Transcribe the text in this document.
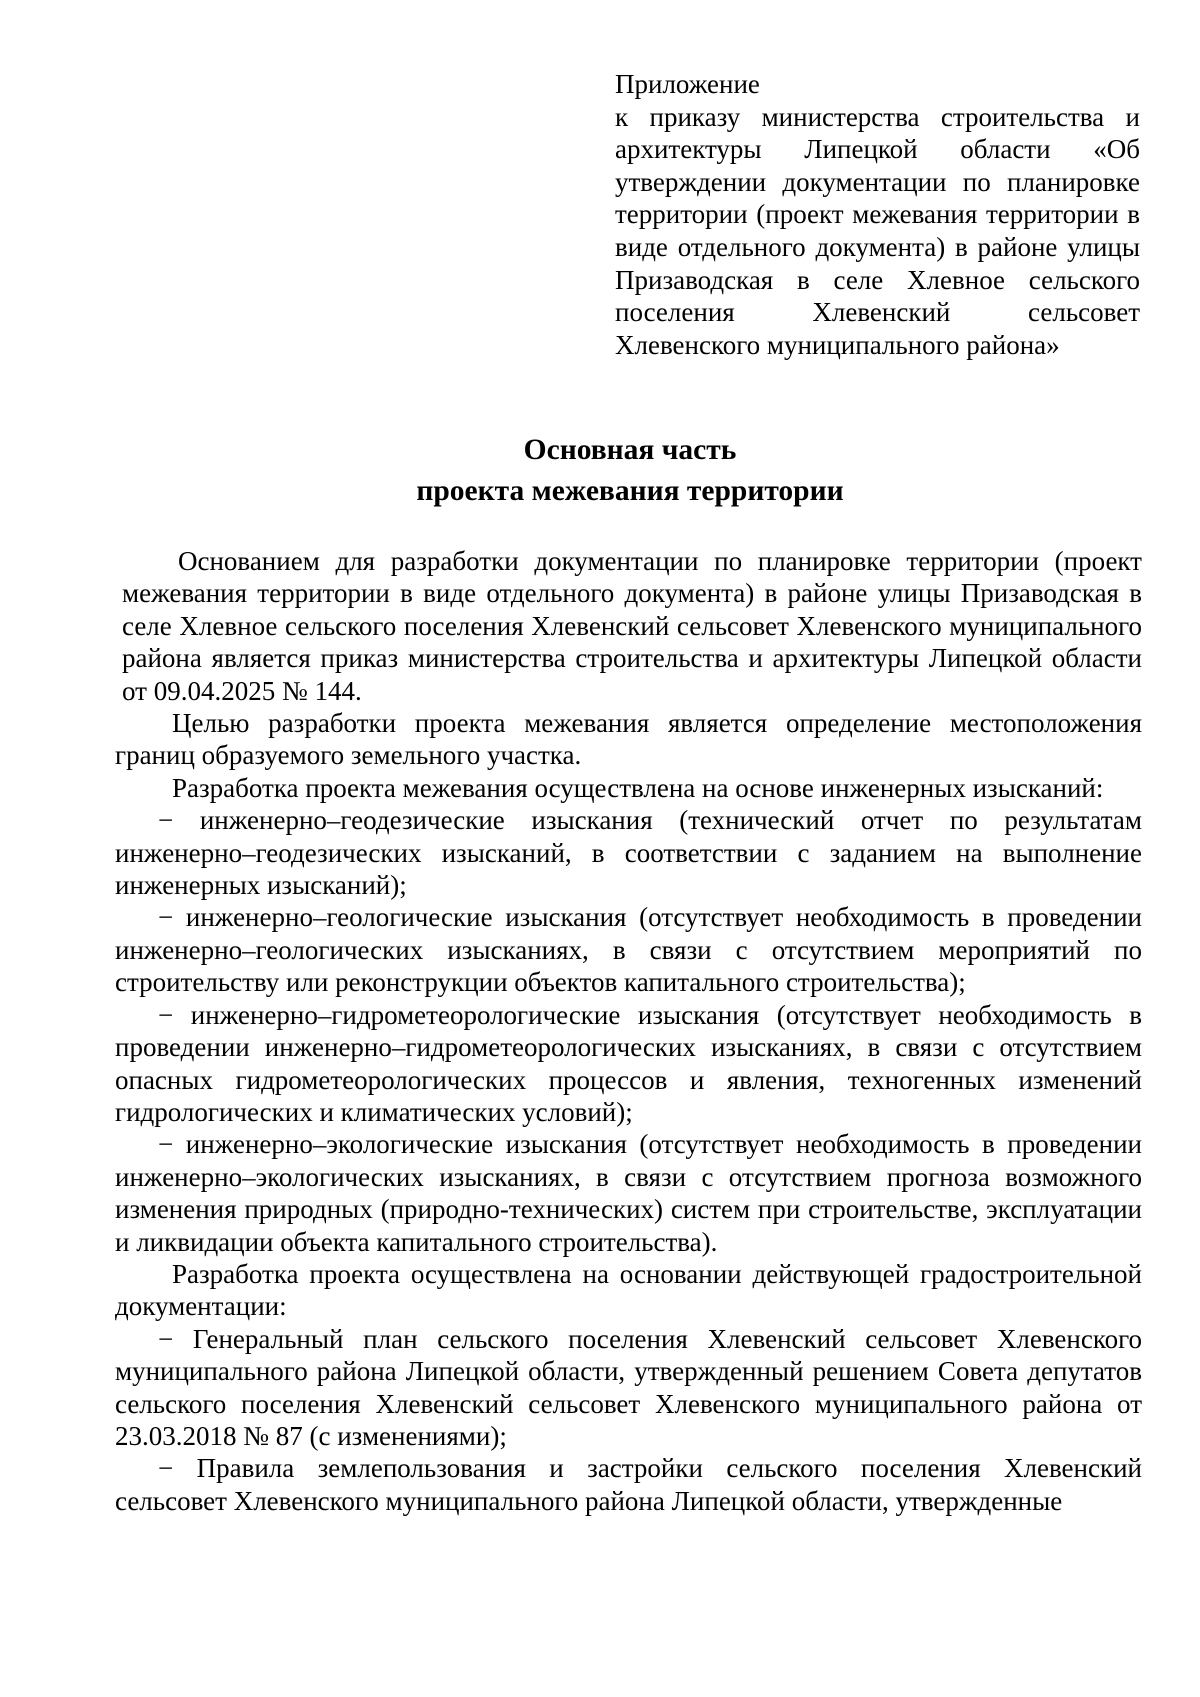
Приложение
к приказу министерства строительства и архитектуры Липецкой области «Об утверждении документации по планировке территории (проект межевания территории в виде отдельного документа) в районе улицы Призаводская в селе Хлевное сельского поселения Хлевенский сельсовет Хлевенского муниципального района»
Основная часть
проекта межевания территории

Основанием для разработки документации по планировке территории (проект межевания территории в виде отдельного документа) в районе улицы Призаводская в селе Хлевное сельского поселения Хлевенский сельсовет Хлевенского муниципального района является приказ министерства строительства и архитектуры Липецкой области от 09.04.2025 № 144.

Целью разработки проекта межевания является определение местоположения границ образуемого земельного участка.

Разработка проекта межевания осуществлена на основе инженерных изысканий:

− инженерно–геодезические изыскания (технический отчет по результатам инженерно–геодезических изысканий, в соответствии с заданием на выполнение инженерных изысканий);

− инженерно–геологические изыскания (отсутствует необходимость в проведении инженерно–геологических изысканиях, в связи с отсутствием мероприятий по строительству или реконструкции объектов капитального строительства);

− инженерно–гидрометеорологические изыскания (отсутствует необходимость в проведении инженерно–гидрометеорологических изысканиях, в связи с отсутствием опасных гидрометеорологических процессов и явления, техногенных изменений гидрологических и климатических условий);

− инженерно–экологические изыскания (отсутствует необходимость в проведении инженерно–экологических изысканиях, в связи с отсутствием прогноза возможного изменения природных (природно-технических) систем при строительстве, эксплуатации и ликвидации объекта капитального строительства).

Разработка проекта осуществлена на основании действующей градостроительной документации:

− Генеральный план сельского поселения Хлевенский сельсовет Хлевенского муниципального района Липецкой области, утвержденный решением Совета депутатов сельского поселения Хлевенский сельсовет Хлевенского муниципального района от 23.03.2018 № 87 (с изменениями);

− Правила землепользования и застройки сельского поселения Хлевенский сельсовет Хлевенского муниципального района Липецкой области, утвержденные
